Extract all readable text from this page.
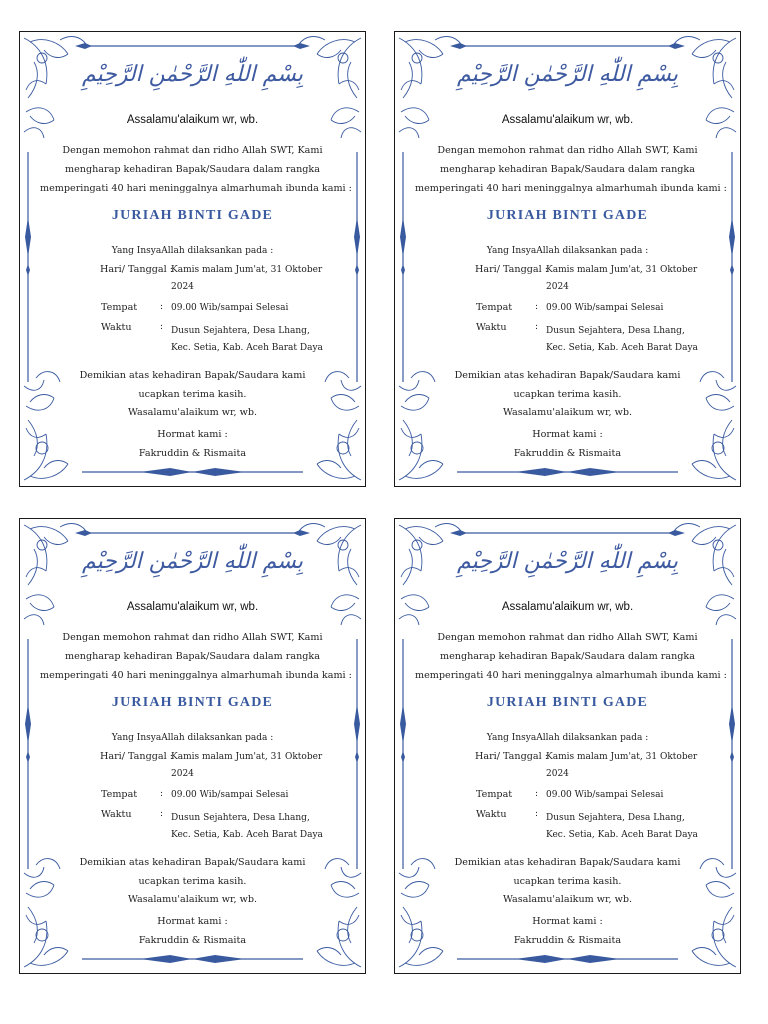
بِسْمِ اللّٰهِ الرَّحْمٰنِ الرَّحِيْمِ
Assalamu'alaikum wr, wb.
Dengan memohon rahmat dan ridho Allah SWT, Kami
mengharap kehadiran Bapak/Saudara dalam rangka
memperingati 40 hari meninggalnya almarhumah ibunda kami :
JURIAH BINTI GADE
Yang InsyaAllah dilaksankan pada :
Hari/ Tanggal :
Kamis malam Jum'at, 31 Oktober
2024
Tempat	: 09.00 Wib/sampai Selesai
Waktu	: Dusun Sejahtera, Desa Lhang,
Kec. Setia, Kab. Aceh Barat Daya
Demikian atas kehadiran Bapak/Saudara kami
ucapkan terima kasih.
Wasalamu'alaikum wr, wb.
Hormat kami :
Fakruddin & Rismaita
بِسْمِ اللّٰهِ الرَّحْمٰنِ الرَّحِيْمِ
Assalamu'alaikum wr, wb.
Dengan memohon rahmat dan ridho Allah SWT, Kami
mengharap kehadiran Bapak/Saudara dalam rangka
memperingati 40 hari meninggalnya almarhumah ibunda kami :
JURIAH BINTI GADE
Yang InsyaAllah dilaksankan pada :
Hari/ Tanggal :
Kamis malam Jum'at, 31 Oktober
2024
Tempat	: 09.00 Wib/sampai Selesai
Waktu	: Dusun Sejahtera, Desa Lhang,
Kec. Setia, Kab. Aceh Barat Daya
Demikian atas kehadiran Bapak/Saudara kami
ucapkan terima kasih.
Wasalamu'alaikum wr, wb.
Hormat kami :
Fakruddin & Rismaita
بِسْمِ اللّٰهِ الرَّحْمٰنِ الرَّحِيْمِ
Assalamu'alaikum wr, wb.
Dengan memohon rahmat dan ridho Allah SWT, Kami
mengharap kehadiran Bapak/Saudara dalam rangka
memperingati 40 hari meninggalnya almarhumah ibunda kami :
JURIAH BINTI GADE
Yang InsyaAllah dilaksankan pada :
Hari/ Tanggal :
Kamis malam Jum'at, 31 Oktober
2024
Tempat	: 09.00 Wib/sampai Selesai
Waktu	: Dusun Sejahtera, Desa Lhang,
Kec. Setia, Kab. Aceh Barat Daya
Demikian atas kehadiran Bapak/Saudara kami
ucapkan terima kasih.
Wasalamu'alaikum wr, wb.
Hormat kami :
Fakruddin & Rismaita
بِسْمِ اللّٰهِ الرَّحْمٰنِ الرَّحِيْمِ
Assalamu'alaikum wr, wb.
Dengan memohon rahmat dan ridho Allah SWT, Kami
mengharap kehadiran Bapak/Saudara dalam rangka
memperingati 40 hari meninggalnya almarhumah ibunda kami :
JURIAH BINTI GADE
Yang InsyaAllah dilaksankan pada :
Hari/ Tanggal :
Kamis malam Jum'at, 31 Oktober
2024
Tempat	: 09.00 Wib/sampai Selesai
Waktu	: Dusun Sejahtera, Desa Lhang,
Kec. Setia, Kab. Aceh Barat Daya
Demikian atas kehadiran Bapak/Saudara kami
ucapkan terima kasih.
Wasalamu'alaikum wr, wb.
Hormat kami :
Fakruddin & Rismaita
